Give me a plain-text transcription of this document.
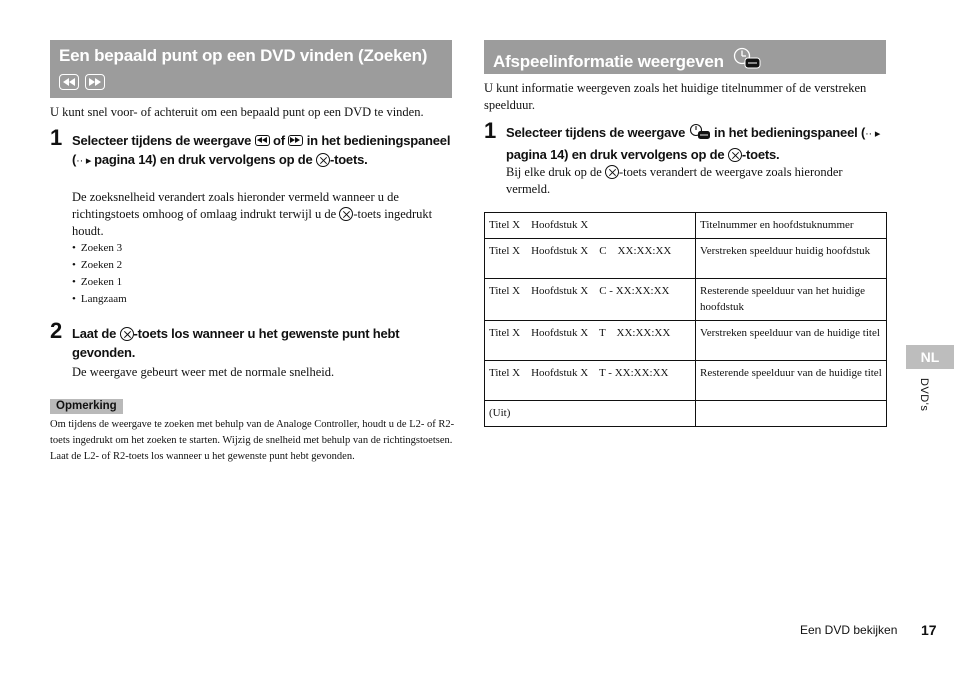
Een bepaald punt op een DVD vinden (Zoeken)
U kunt snel voor- of achteruit om een bepaald punt op een DVD te vinden.
1 Selecteer tijdens de weergave of in het bedieningspaneel (·· ▸ pagina 14) en druk vervolgens op de -toets.
De zoeksnelheid verandert zoals hieronder vermeld wanneer u de richtingstoets omhoog of omlaag indrukt terwijl u de -toets ingedrukt houdt.
• Zoeken 3
• Zoeken 2
• Zoeken 1
• Langzaam
2 Laat de -toets los wanneer u het gewenste punt hebt gevonden.
De weergave gebeurt weer met de normale snelheid.
Opmerking
Om tijdens de weergave te zoeken met behulp van de Analoge Controller, houdt u de L2- of R2-toets ingedrukt om het zoeken te starten. Wijzig de snelheid met behulp van de richtingstoetsen. Laat de L2- of R2-toets los wanneer u het gewenste punt hebt gevonden.
Afspeelinformatie weergeven
U kunt informatie weergeven zoals het huidige titelnummer of de verstreken speelduur.
1 Selecteer tijdens de weergave in het bedieningspaneel (·· ▸ pagina 14) en druk vervolgens op de -toets.
Bij elke druk op de -toets verandert de weergave zoals hieronder vermeld.
Titel X    Hoofdstuk X	Titelnummer en hoofdstuknummer
Titel X    Hoofdstuk X    C    XX:XX:XX	Verstreken speelduur huidig hoofdstuk
Titel X    Hoofdstuk X    C - XX:XX:XX	Resterende speelduur van het huidige hoofdstuk
Titel X    Hoofdstuk X    T    XX:XX:XX	Verstreken speelduur van de huidige titel
Titel X    Hoofdstuk X    T - XX:XX:XX	Resterende speelduur van de huidige titel
(Uit)	
NL
DVD's
Een DVD bekijken 17
